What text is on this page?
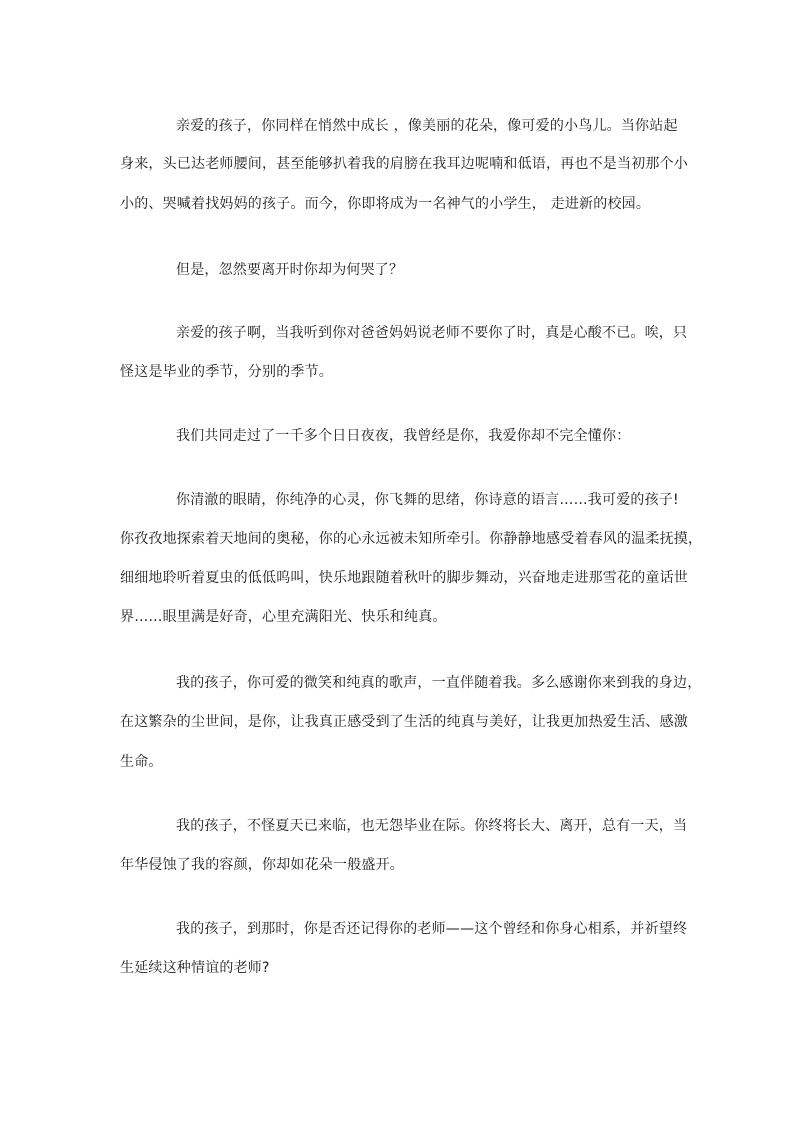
亲爱的孩子，你同样在悄然中成长 ，像美丽的花朵，像可爱的小鸟儿。当你站起
身来，头已达老师腰间，甚至能够扒着我的肩膀在我耳边呢喃和低语，再也不是当初那个小
小的、哭喊着找妈妈的孩子。而今，你即将成为一名神气的小学生， 走进新的校园。
但是，忽然要离开时你却为何哭了？
亲爱的孩子啊，当我听到你对爸爸妈妈说老师不要你了时，真是心酸不已。唉，只
怪这是毕业的季节，分别的季节。
我们共同走过了一千多个日日夜夜，我曾经是你，我爱你却不完全懂你：
你清澈的眼睛，你纯净的心灵，你飞舞的思绪，你诗意的语言……我可爱的孩子!
你孜孜地探索着天地间的奥秘，你的心永远被未知所牵引。你静静地感受着春风的温柔抚摸，
细细地聆听着夏虫的低低呜叫，快乐地跟随着秋叶的脚步舞动，兴奋地走进那雪花的童话世
界……眼里满是好奇，心里充满阳光、快乐和纯真。
我的孩子，你可爱的微笑和纯真的歌声，一直伴随着我。多么感谢你来到我的身边，
在这繁杂的尘世间，是你，让我真正感受到了生活的纯真与美好，让我更加热爱生活、感激
生命。
我的孩子，不怪夏天已来临，也无怨毕业在际。你终将长大、离开，总有一天，当
年华侵蚀了我的容颜，你却如花朵一般盛开。
我的孩子，到那时，你是否还记得你的老师——这个曾经和你身心相系，并祈望终
生延续这种情谊的老师?
